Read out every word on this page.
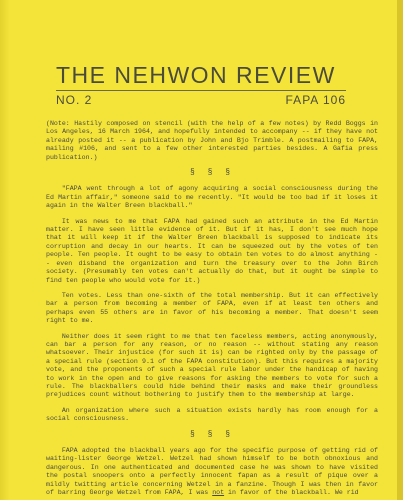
THE NEHWON REVIEW
NO. 2	FAPA 106

(Note: Hastily composed on stencil (with the help of a few notes) by Redd Boggs in Los Angeles, 16 March 1964, and hopefully intended to accompany -- if they have not already posted it -- a publication by John and Bjo Trimble. A postmailing to FAPA, mailing #106, and sent to a few other interested parties besides. A Gafia press publication.)

§ § §

"FAPA went through a lot of agony acquiring a social consciousness during the Ed Martin affair," someone said to me recently. "It would be too bad if it loses it again in the Walter Breen blackball."

It was news to me that FAPA had gained such an attribute in the Ed Martin matter. I have seen little evidence of it. But if it has, I don't see much hope that it will keep it if the Walter Breen blackball is supposed to indicate its corruption and decay in our hearts. It can be squeezed out by the votes of ten people. Ten people. It ought to be easy to obtain ten votes to do almost anything -- even disband the organization and turn the treasury over to the John Birch society. (Presumably ten votes can't actually do that, but it ought be simple to find ten people who would vote for it.)

Ten votes. Less than one-sixth of the total membership. But it can effectively bar a person from becoming a member of FAPA, even if at least ten others and perhaps even 55 others are in favor of his becoming a member. That doesn't seem right to me.

Neither does it seem right to me that ten faceless members, acting anonymously, can bar a person for any reason, or no reason -- without stating any reason whatsoever. Their injustice (for such it is) can be righted only by the passage of a special rule (section 9.1 of the FAPA constitution). But this requires a majority vote, and the proponents of such a special rule labor under the handicap of having to work in the open and to give reasons for asking the members to vote for such a rule. The blackballers could hide behind their masks and make their groundless prejudices count without bothering to justify them to the membership at large.

An organization where such a situation exists hardly has room enough for a social consciousness.

§ § §

FAPA adopted the blackball years ago for the specific purpose of getting rid of waiting-lister George Wetzel. Wetzel had shown himself to be both obnoxious and dangerous. In one authenticated and documented case he was shown to have visited the postal snoopers onto a perfectly innocent fapan as a result of pique over a mildly twitting article concerning Wetzel in a fanzine. Though I was then in favor of barring George Wetzel from FAPA, I was not in favor of the blackball. We rid
